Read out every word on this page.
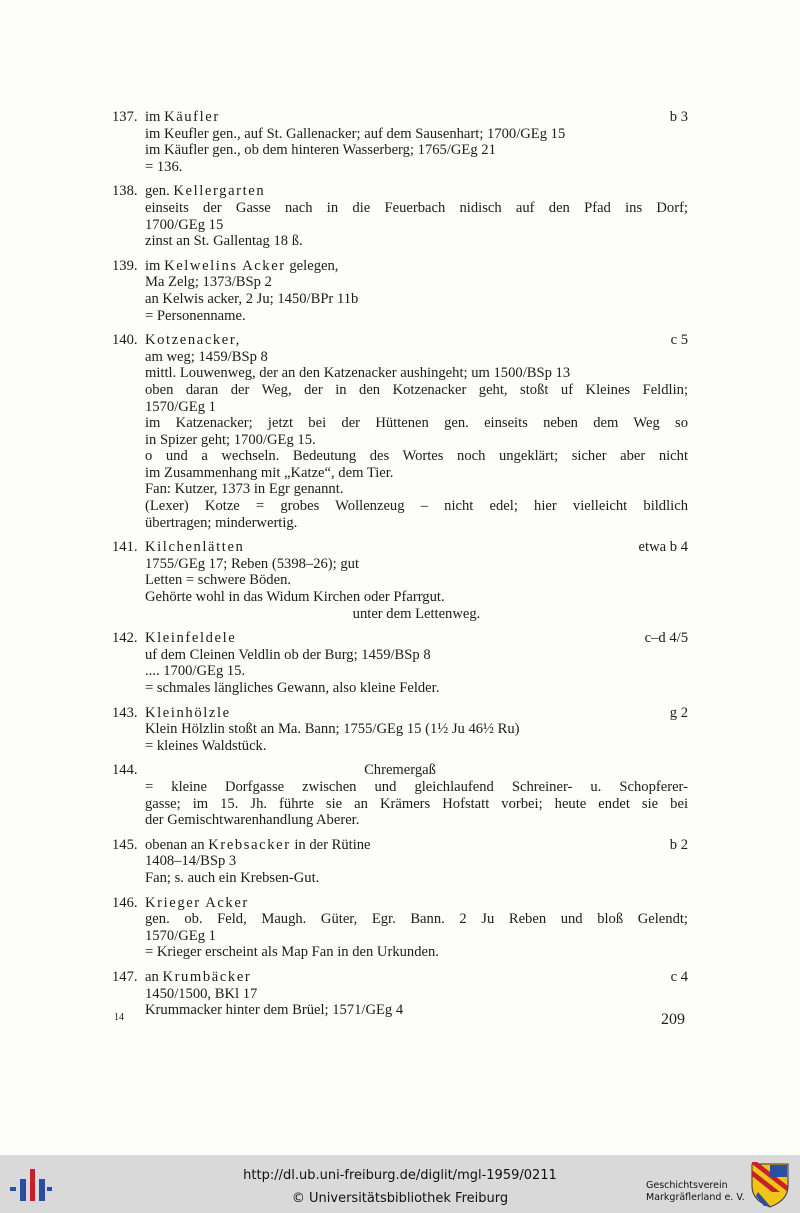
137. im Käufler	b 3
im Keufler gen., auf St. Gallenacker; auf dem Sausenhart; 1700/GEg 15
im Käufler gen., ob dem hinteren Wasserberg; 1765/GEg 21
= 136.
138. gen. Kellergarten
einseits der Gasse nach in die Feuerbach nidisch auf den Pfad ins Dorf;
1700/GEg 15
zinst an St. Gallentag 18 ß.
139. im Kelwelins Acker gelegen,
Ma Zelg; 1373/BSp 2
an Kelwis acker, 2 Ju; 1450/BPr 11b
= Personenname.
140. Kotzenacker,	c 5
am weg; 1459/BSp 8
mittl. Louwenweg, der an den Katzenacker aushingeht; um 1500/BSp 13
oben daran der Weg, der in den Kotzenacker geht, stoßt uf Kleines Feldlin;
1570/GEg 1
im Katzenacker; jetzt bei der Hüttenen gen. einseits neben dem Weg so
in Spizer geht; 1700/GEg 15.
o und a wechseln. Bedeutung des Wortes noch ungeklärt; sicher aber nicht
im Zusammenhang mit „Katze“, dem Tier.
Fan: Kutzer, 1373 in Egr genannt.
(Lexer) Kotze = grobes Wollenzeug – nicht edel; hier vielleicht bildlich
übertragen; minderwertig.
141. Kilchenlätten	etwa b 4
1755/GEg 17; Reben (5398–26); gut
Letten = schwere Böden.
Gehörte wohl in das Widum Kirchen oder Pfarrgut.
unter dem Lettenweg.
142. Kleinfeldele	c–d 4/5
uf dem Cleinen Veldlin ob der Burg; 1459/BSp 8
.... 1700/GEg 15.
= schmales längliches Gewann, also kleine Felder.
143. Kleinhölzle	g 2
Klein Hölzlin stoßt an Ma. Bann; 1755/GEg 15 (1½ Ju 46½ Ru)
= kleines Waldstück.
144.	Chremergaß
= kleine Dorfgasse zwischen und gleichlaufend Schreiner- u. Schopferer-
gasse; im 15. Jh. führte sie an Krämers Hofstatt vorbei; heute endet sie bei
der Gemischtwarenhandlung Aberer.
145. obenan an Krebsacker in der Rütine	b 2
1408–14/BSp 3
Fan; s. auch ein Krebsen-Gut.
146. Krieger Acker
gen. ob. Feld, Maugh. Güter, Egr. Bann. 2 Ju Reben und bloß Gelendt;
1570/GEg 1
= Krieger erscheint als Map Fan in den Urkunden.
147. an Krumbäcker	c 4
1450/1500, BKl 17
Krummacker hinter dem Brüel; 1571/GEg 4
14	209
http://dl.ub.uni-freiburg.de/diglit/mgl-1959/0211
© Universitätsbibliothek Freiburg
Geschichtsverein
Markgräflerland e. V.
